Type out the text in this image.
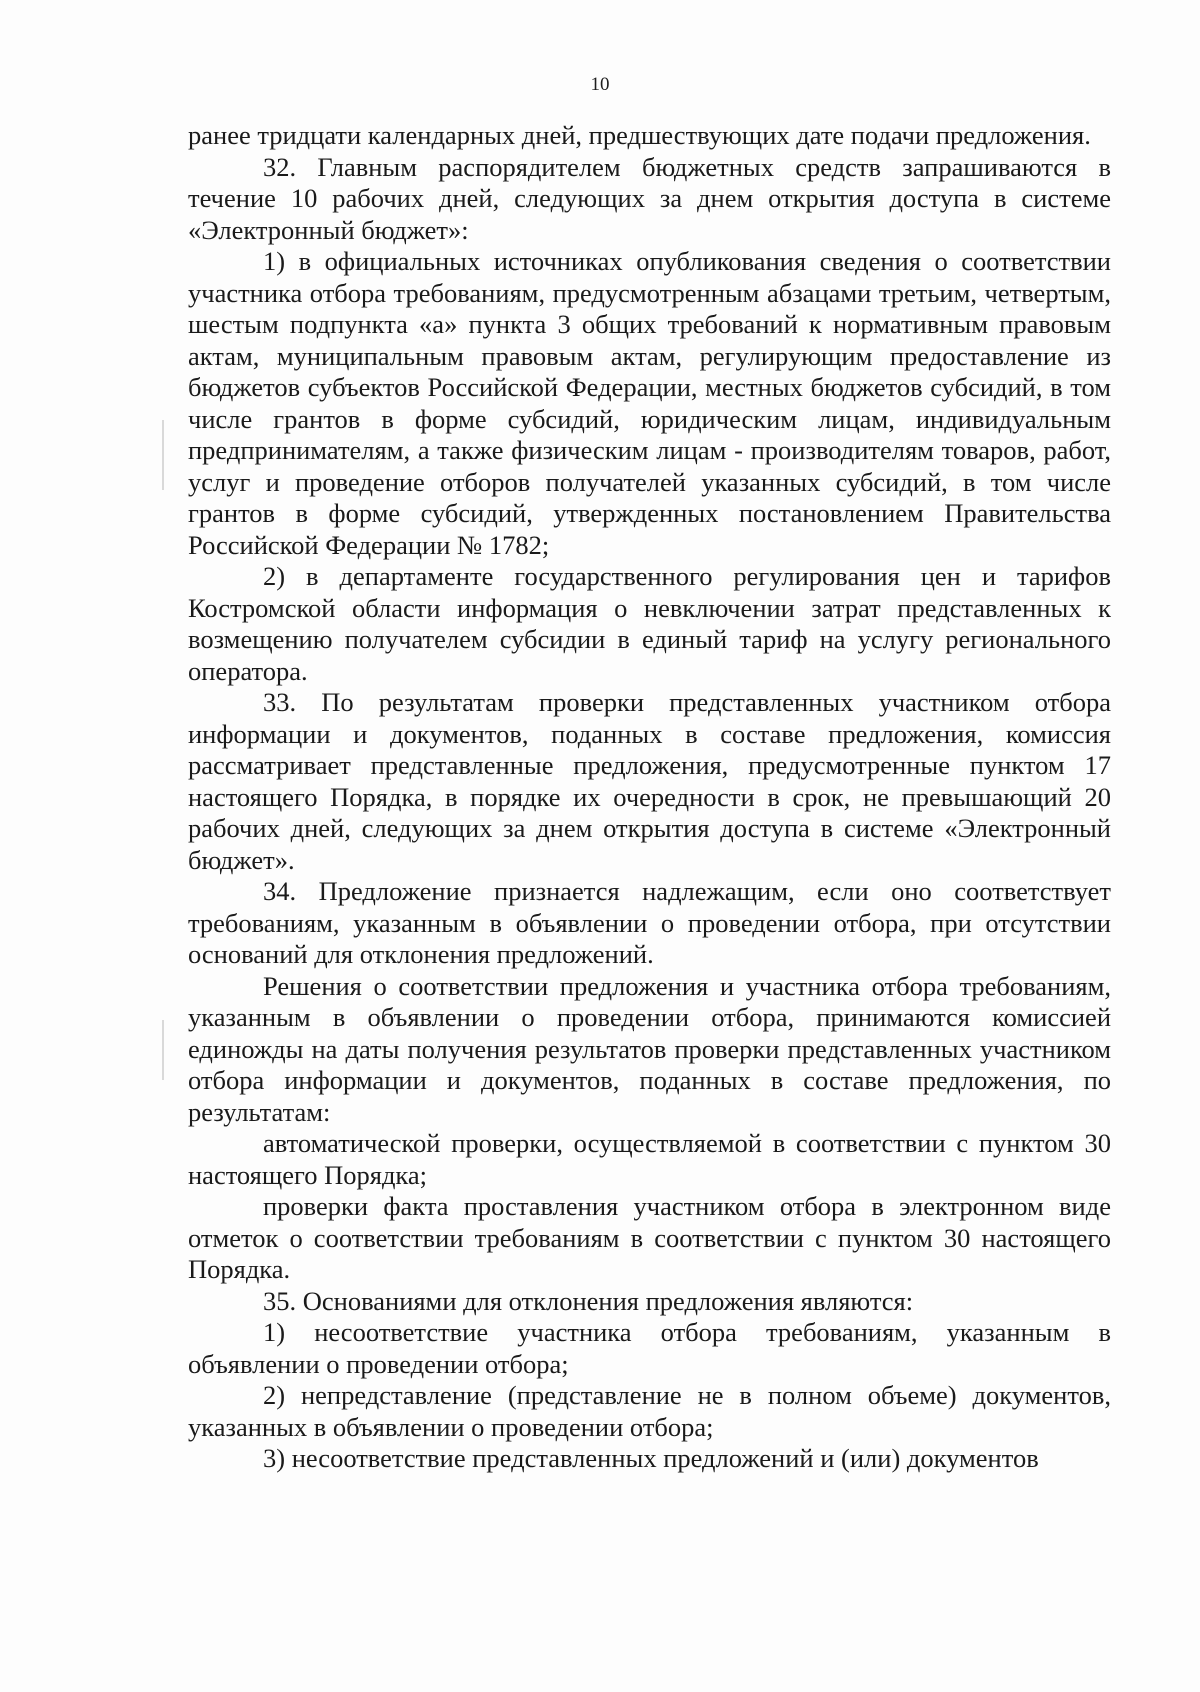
10

ранее тридцати календарных дней, предшествующих дате подачи предложения.

32. Главным распорядителем бюджетных средств запрашиваются в течение 10 рабочих дней, следующих за днем открытия доступа в системе «Электронный бюджет»:

1) в официальных источниках опубликования сведения о соответствии участника отбора требованиям, предусмотренным абзацами третьим, четвертым, шестым подпункта «а» пункта 3 общих требований к нормативным правовым актам, муниципальным правовым актам, регулирующим предоставление из бюджетов субъектов Российской Федерации, местных бюджетов субсидий, в том числе грантов в форме субсидий, юридическим лицам, индивидуальным предпринимателям, а также физическим лицам - производителям товаров, работ, услуг и проведение отборов получателей указанных субсидий, в том числе грантов в форме субсидий, утвержденных постановлением Правительства Российской Федерации № 1782;

2) в департаменте государственного регулирования цен и тарифов Костромской области информация о невключении затрат представленных к возмещению получателем субсидии в единый тариф на услугу регионального оператора.

33. По результатам проверки представленных участником отбора информации и документов, поданных в составе предложения, комиссия рассматривает представленные предложения, предусмотренные пунктом 17 настоящего Порядка, в порядке их очередности в срок, не превышающий 20 рабочих дней, следующих за днем открытия доступа в системе «Электронный бюджет».

34. Предложение признается надлежащим, если оно соответствует требованиям, указанным в объявлении о проведении отбора, при отсутствии оснований для отклонения предложений.

Решения о соответствии предложения и участника отбора требованиям, указанным в объявлении о проведении отбора, принимаются комиссией единожды на даты получения результатов проверки представленных участником отбора информации и документов, поданных в составе предложения, по результатам:

автоматической проверки, осуществляемой в соответствии с пунктом 30 настоящего Порядка;

проверки факта проставления участником отбора в электронном виде отметок о соответствии требованиям в соответствии с пунктом 30 настоящего Порядка.

35. Основаниями для отклонения предложения являются:

1) несоответствие участника отбора требованиям, указанным в объявлении о проведении отбора;

2) непредставление (представление не в полном объеме) документов, указанных в объявлении о проведении отбора;

3) несоответствие представленных предложений и (или) документов
